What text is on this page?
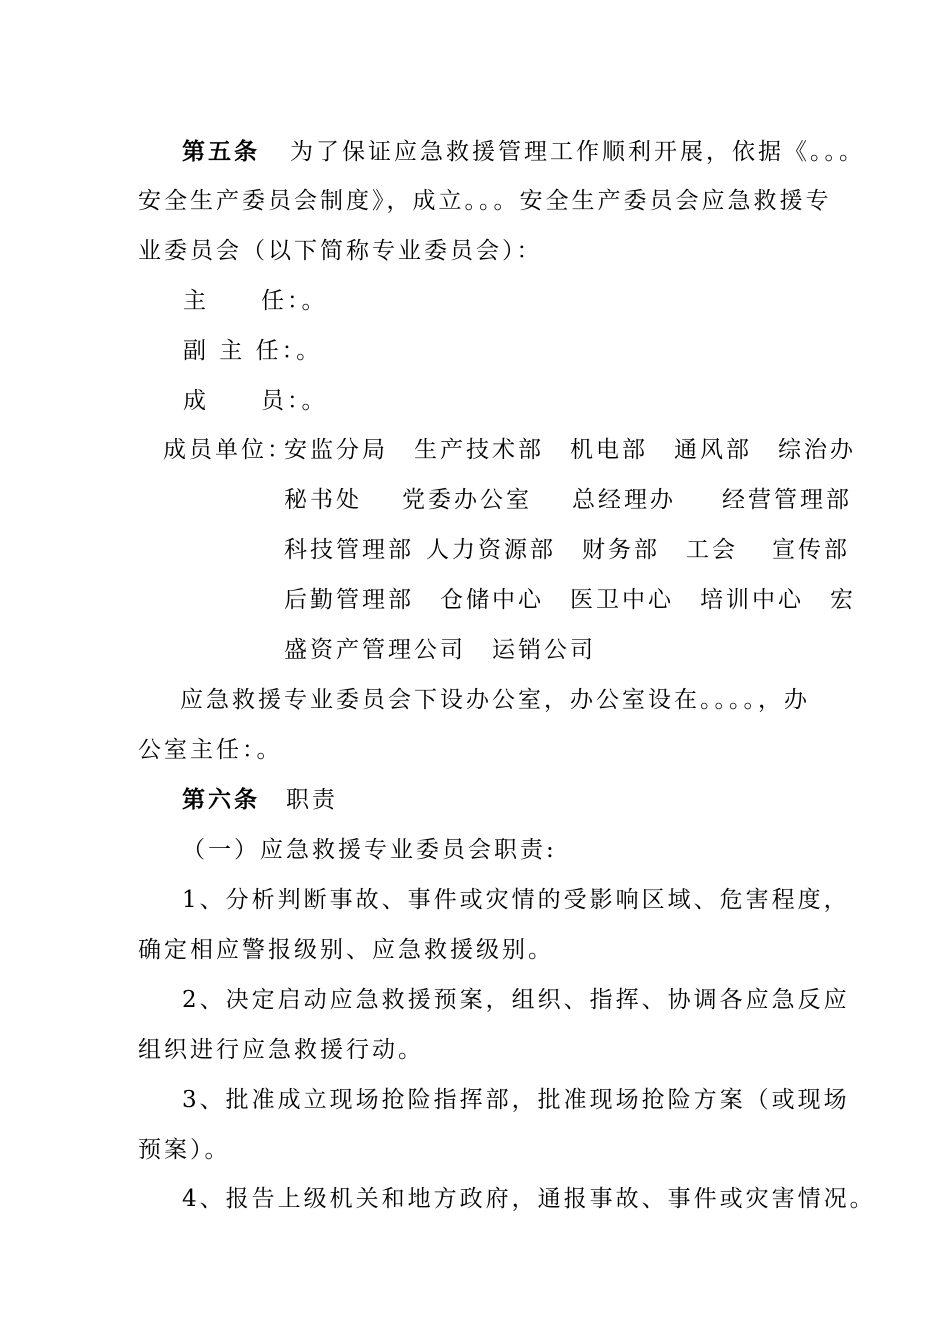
第五条 为了保证应急救援管理工作顺利开展，依据《。。。
安全生产委员会制度》，成立。。。安全生产委员会应急救援专
业委员会（以下简称专业委员会）：
主　　任：。
副 主 任：。
成　　员：。
成员单位：
安监分局 生产技术部 机电部 通风部 综治办
秘书处 党委办公室 总经理办 经营管理部
科技管理部 人力资源部 财务部 工会 宣传部
后勤管理部 仓储中心 医卫中心 培训中心 宏
盛资产管理公司 运销公司
应急救援专业委员会下设办公室，办公室设在。。。。，办
公室主任：。
第六条 职责
（一）应急救援专业委员会职责:
1、分析判断事故、事件或灾情的受影响区域、危害程度，
确定相应警报级别、应急救援级别。
2、决定启动应急救援预案，组织、指挥、协调各应急反应
组织进行应急救援行动。
3、批准成立现场抢险指挥部，批准现场抢险方案（或现场
预案）。
4、报告上级机关和地方政府，通报事故、事件或灾害情况。
